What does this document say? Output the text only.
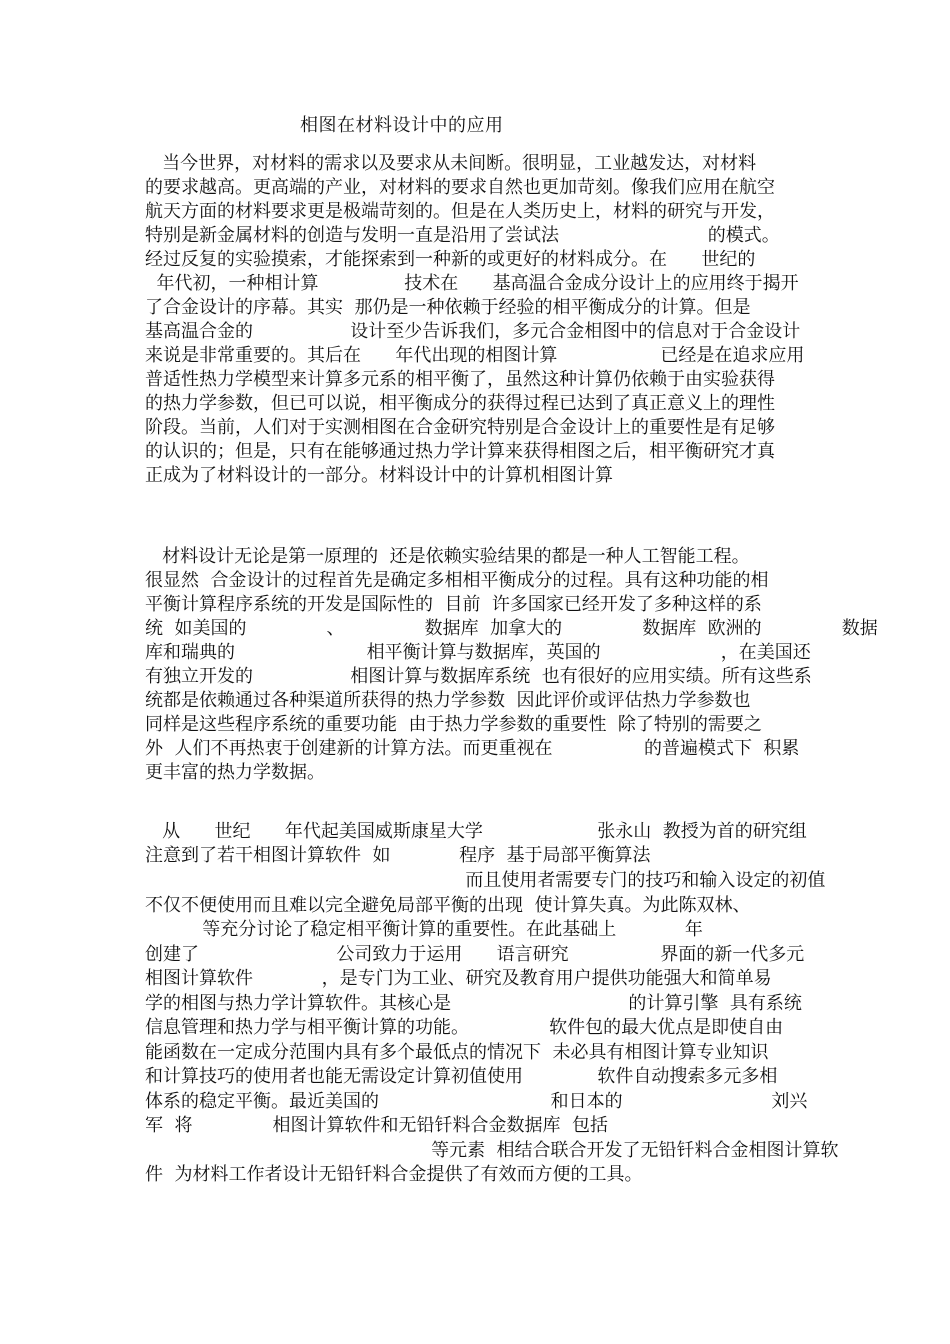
相图在材料设计中的应用
当今世界，对材料的需求以及要求从未间断。很明显，工业越发达，对材料
的要求越高。更高端的产业，对材料的要求自然也更加苛刻。像我们应用在航空
航天方面的材料要求更是极端苛刻的。但是在人类历史上，材料的研究与开发，
特别是新金属材料的创造与发明一直是沿用了尝试法                          的模式。
经过反复的实验摸索，才能探索到一种新的或更好的材料成分。在      世纪的
年代初，一种相计算               技术在      基高温合金成分设计上的应用终于揭开
了合金设计的序幕。其实  那仍是一种依赖于经验的相平衡成分的计算。但是
基高温合金的                 设计至少告诉我们，多元合金相图中的信息对于合金设计
来说是非常重要的。其后在      年代出现的相图计算                  已经是在追求应用
普适性热力学模型来计算多元系的相平衡了，虽然这种计算仍依赖于由实验获得
的热力学参数，但已可以说，相平衡成分的获得过程已达到了真正意义上的理性
阶段。当前，人们对于实测相图在合金研究特别是合金设计上的重要性是有足够
的认识的；但是，只有在能够通过热力学计算来获得相图之后，相平衡研究才真
正成为了材料设计的一部分。材料设计中的计算机相图计算
材料设计无论是第一原理的  还是依赖实验结果的都是一种人工智能工程。
很显然  合金设计的过程首先是确定多相相平衡成分的过程。具有这种功能的相
平衡计算程序系统的开发是国际性的  目前  许多国家已经开发了多种这样的系
统  如美国的              、              数据库  加拿大的              数据库  欧洲的              数据
库和瑞典的                       相平衡计算与数据库，英国的                     ，在美国还
有独立开发的                 相图计算与数据库系统  也有很好的应用实绩。所有这些系
统都是依赖通过各种渠道所获得的热力学参数  因此评价或评估热力学参数也
同样是这些程序系统的重要功能  由于热力学参数的重要性  除了特别的需要之
外  人们不再热衷于创建新的计算方法。而更重视在                的普遍模式下  积累
更丰富的热力学数据。
从      世纪      年代起美国威斯康星大学                    张永山  教授为首的研究组
注意到了若干相图计算软件  如            程序  基于局部平衡算法
而且使用者需要专门的技巧和输入设定的初值
不仅不便使用而且难以完全避免局部平衡的出现  使计算失真。为此陈双林、
等充分讨论了稳定相平衡计算的重要性。在此基础上            年
创建了                        公司致力于运用      语言研究                界面的新一代多元
相图计算软件            ，是专门为工业、研究及教育用户提供功能强大和简单易
学的相图与热力学计算软件。其核心是                               的计算引擎  具有系统
信息管理和热力学与相平衡计算的功能。              软件包的最大优点是即使自由
能函数在一定成分范围内具有多个最低点的情况下  未必具有相图计算专业知识
和计算技巧的使用者也能无需设定计算初值使用             软件自动搜索多元多相
体系的稳定平衡。最近美国的                              和日本的                          刘兴
军  将              相图计算软件和无铅钎料合金数据库  包括
等元素  相结合联合开发了无铅钎料合金相图计算软
件  为材料工作者设计无铅钎料合金提供了有效而方便的工具。
